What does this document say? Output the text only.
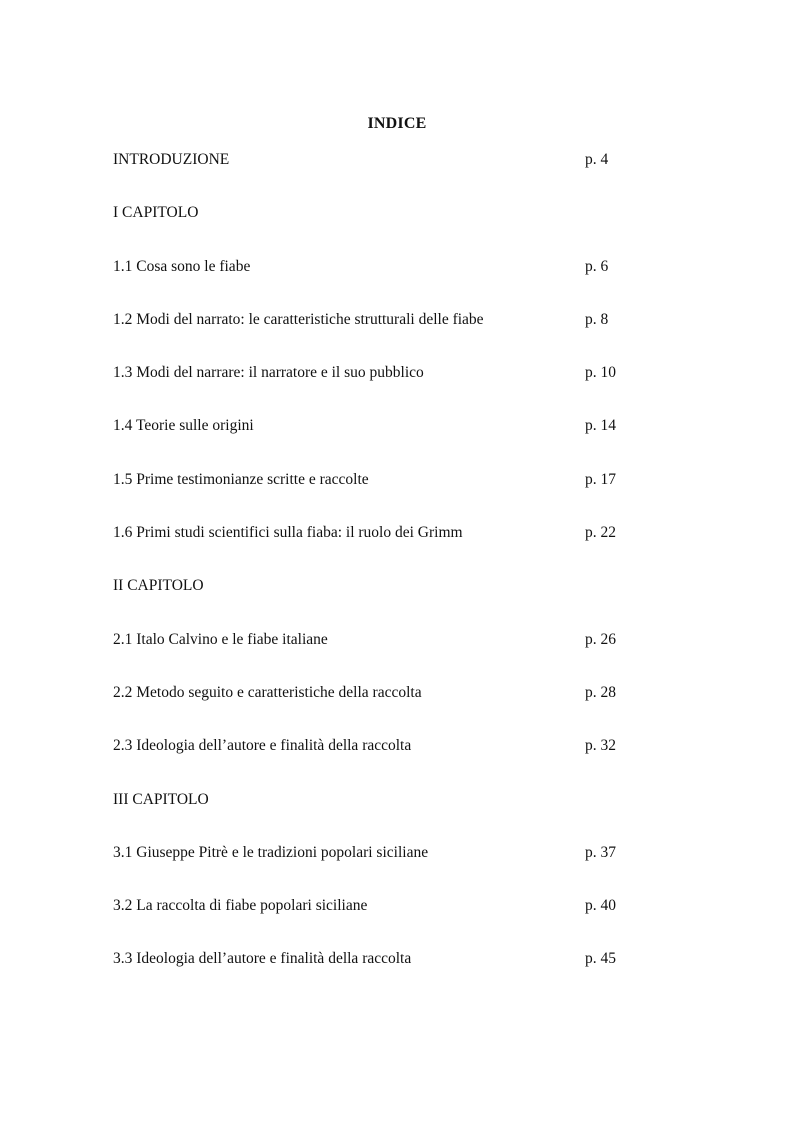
INDICE
INTRODUZIONE	p. 4
I CAPITOLO
1.1 Cosa sono le fiabe	p. 6
1.2 Modi del narrato: le caratteristiche strutturali delle fiabe	p. 8
1.3 Modi del narrare: il narratore e il suo pubblico	p. 10
1.4 Teorie sulle origini	p. 14
1.5 Prime testimonianze scritte e raccolte	p. 17
1.6 Primi studi scientifici sulla fiaba: il ruolo dei Grimm	p. 22
II CAPITOLO
2.1 Italo Calvino e le fiabe italiane	p. 26
2.2 Metodo seguito e caratteristiche della raccolta	p. 28
2.3 Ideologia dell’autore e finalità della raccolta	p. 32
III CAPITOLO
3.1 Giuseppe Pitrè e le tradizioni popolari siciliane	p. 37
3.2 La raccolta di fiabe popolari siciliane	p. 40
3.3 Ideologia dell’autore e finalità della raccolta	p. 45
